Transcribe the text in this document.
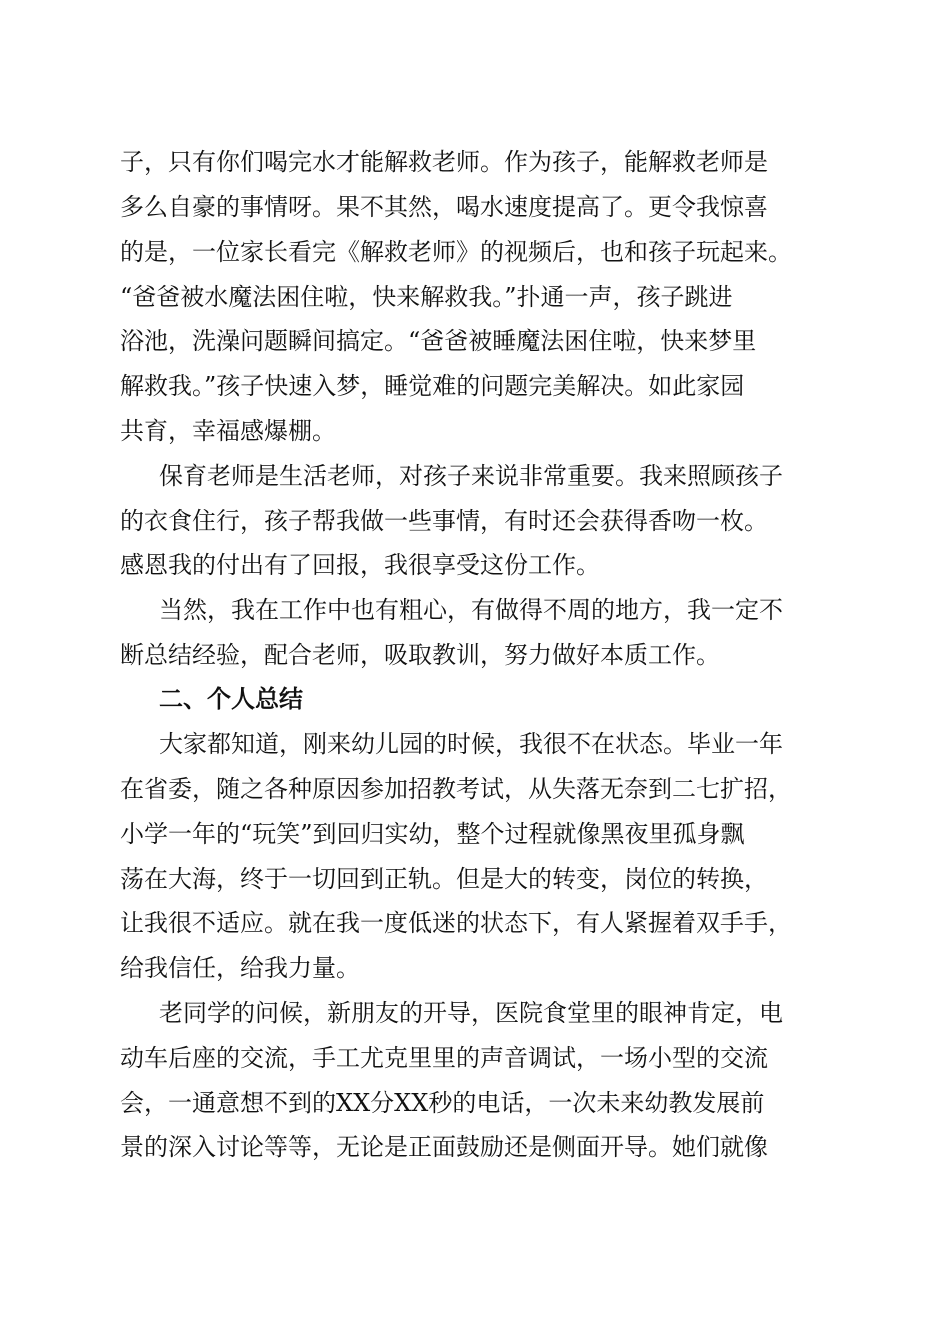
子，只有你们喝完水才能解救老师。作为孩子，能解救老师是
多么自豪的事情呀。果不其然，喝水速度提高了。更令我惊喜
的是，一位家长看完《解救老师》的视频后，也和孩子玩起来。
“爸爸被水魔法困住啦，快来解救我。”扑通一声，孩子跳进
浴池，洗澡问题瞬间搞定。“爸爸被睡魔法困住啦，快来梦里
解救我。”孩子快速入梦，睡觉难的问题完美解决。如此家园
共育，幸福感爆棚。
保育老师是生活老师，对孩子来说非常重要。我来照顾孩子
的衣食住行，孩子帮我做一些事情，有时还会获得香吻一枚。
感恩我的付出有了回报，我很享受这份工作。
当然，我在工作中也有粗心，有做得不周的地方，我一定不
断总结经验，配合老师，吸取教训，努力做好本质工作。
二、个人总结
大家都知道，刚来幼儿园的时候，我很不在状态。毕业一年
在省委，随之各种原因参加招教考试，从失落无奈到二七扩招，
小学一年的“玩笑”到回归实幼，整个过程就像黑夜里孤身飘
荡在大海，终于一切回到正轨。但是大的转变，岗位的转换，
让我很不适应。就在我一度低迷的状态下，有人紧握着双手手，
给我信任，给我力量。
老同学的问候，新朋友的开导，医院食堂里的眼神肯定，电
动车后座的交流，手工尤克里里的声音调试，一场小型的交流
会，一通意想不到的XX分XX秒的电话，一次未来幼教发展前
景的深入讨论等等，无论是正面鼓励还是侧面开导。她们就像
